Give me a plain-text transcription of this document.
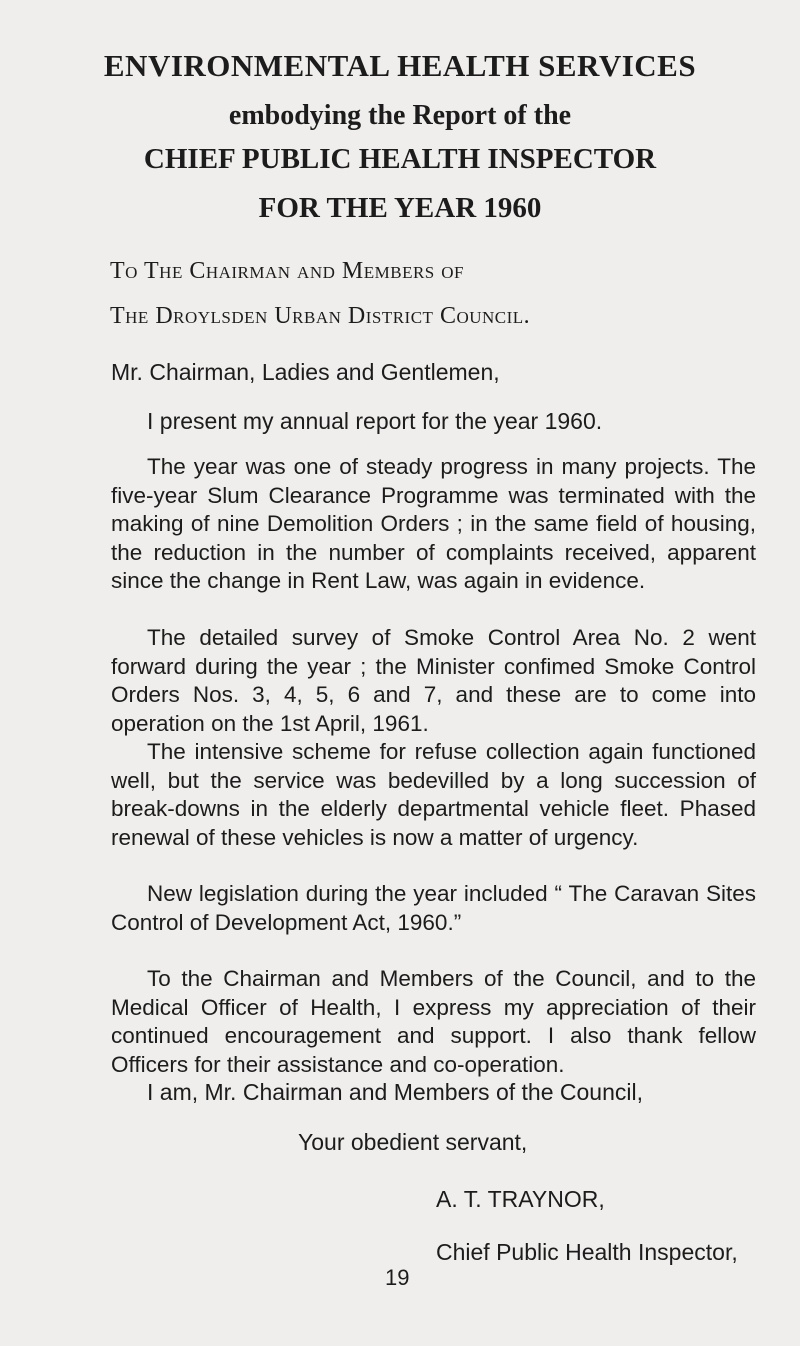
ENVIRONMENTAL HEALTH SERVICES
embodying the Report of the
CHIEF PUBLIC HEALTH INSPECTOR
FOR THE YEAR 1960
To The Chairman and Members of
The Droylsden Urban District Council.
Mr. Chairman, Ladies and Gentlemen,
I present my annual report for the year 1960.

The year was one of steady progress in many projects. The five-year Slum Clearance Programme was terminated with the making of nine Demolition Orders ; in the same field of housing, the reduction in the number of complaints received, apparent since the change in Rent Law, was again in evidence.

The detailed survey of Smoke Control Area No. 2 went forward during the year ; the Minister confimed Smoke Control Orders Nos. 3, 4, 5, 6 and 7, and these are to come into operation on the 1st April, 1961.

The intensive scheme for refuse collection again functioned well, but the service was bedevilled by a long succession of break-downs in the elderly departmental vehicle fleet. Phased renewal of these vehicles is now a matter of urgency.

New legislation during the year included “ The Caravan Sites Control of Development Act, 1960.”

To the Chairman and Members of the Council, and to the Medical Officer of Health, I express my appreciation of their continued encouragement and support. I also thank fellow Officers for their assistance and co-operation.

I am, Mr. Chairman and Members of the Council,
Your obedient servant,
A. T. TRAYNOR,
Chief Public Health Inspector,
19
